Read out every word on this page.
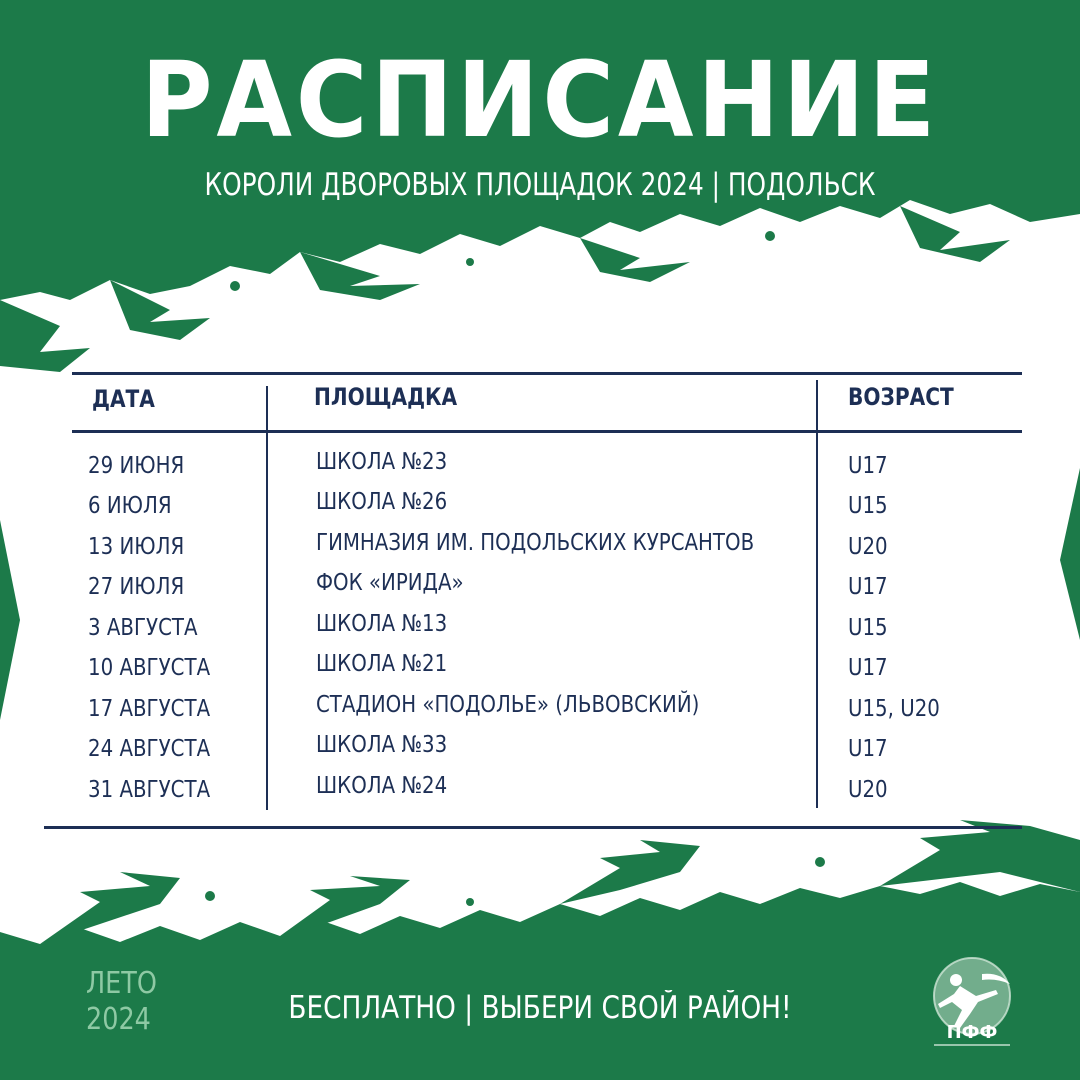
РАСПИСАНИЕ
КОРОЛИ ДВОРОВЫХ ПЛОЩАДОК 2024 | ПОДОЛЬСК
ДАТА	ПЛОЩАДКА	ВОЗРАСТ
29 ИЮНЯ	ШКОЛА №23	U17
6 ИЮЛЯ	ШКОЛА №26	U15
13 ИЮЛЯ	ГИМНАЗИЯ ИМ. ПОДОЛЬСКИХ КУРСАНТОВ	U20
27 ИЮЛЯ	ФОК «ИРИДА»	U17
3 АВГУСТА	ШКОЛА №13	U15
10 АВГУСТА	ШКОЛА №21	U17
17 АВГУСТА	СТАДИОН «ПОДОЛЬЕ» (ЛЬВОВСКИЙ)	U15, U20
24 АВГУСТА	ШКОЛА №33	U17
31 АВГУСТА	ШКОЛА №24	U20
ЛЕТО
2024	БЕСПЛАТНО | ВЫБЕРИ СВОЙ РАЙОН!
ПФФ
